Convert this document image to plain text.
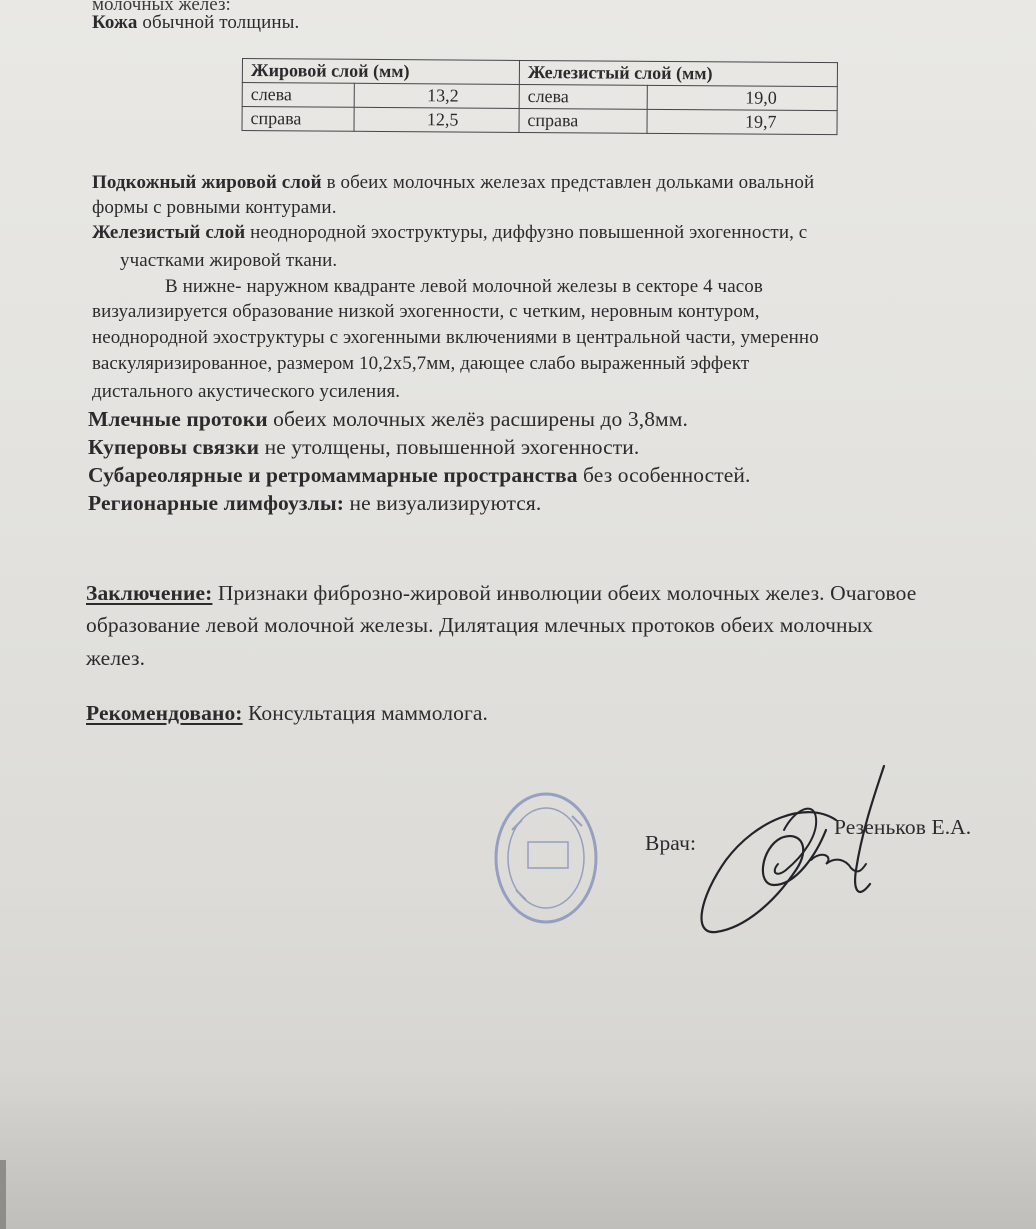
молочных желез:
Кожа обычной толщины.
Жировой слой (мм)		Железистый слой (мм)	
слева	13,2	слева	19,0
справа	12,5	справа	19,7
Подкожный жировой слой в обеих молочных железах представлен дольками овальной
формы с ровными контурами.
Железистый слой неоднородной эхоструктуры, диффузно повышенной эхогенности, с
участками жировой ткани.
В нижне- наружном квадранте левой молочной железы в секторе 4 часов
визуализируется образование низкой эхогенности, с четким, неровным контуром,
неоднородной эхоструктуры с эхогенными включениями в центральной части, умеренно
васкуляризированное, размером 10,2х5,7мм, дающее слабо выраженный эффект
дистального акустического усиления.
Млечные протоки обеих молочных желёз расширены до 3,8мм.
Куперовы связки не утолщены, повышенной эхогенности.
Субареолярные и ретромаммарные пространства без особенностей.
Регионарные лимфоузлы: не визуализируются.
Заключение: Признаки фиброзно-жировой инволюции обеих молочных желез. Очаговое
образование левой молочной железы. Дилятация млечных протоков обеих молочных
желез.
Рекомендовано: Консультация маммолога.
Врач:
Резеньков Е.А.
